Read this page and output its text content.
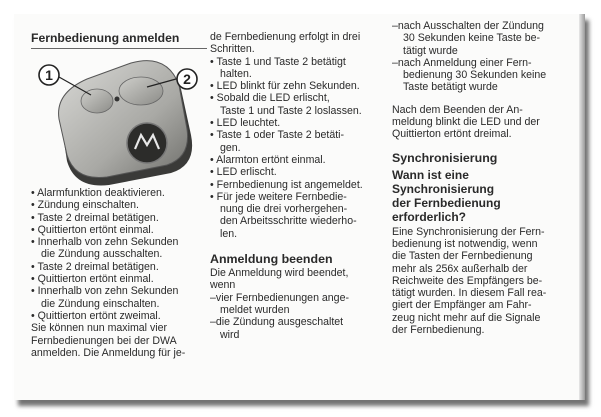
Fernbedienung anmelden
1	2
• Alarmfunktion deaktivieren.
• Zündung einschalten.
• Taste 2 dreimal betätigen.
• Quittierton ertönt einmal.
• Innerhalb von zehn Sekunden
die Zündung ausschalten.
• Taste 2 dreimal betätigen.
• Quittierton ertönt einmal.
• Innerhalb von zehn Sekunden
die Zündung einschalten.
• Quittierton ertönt zweimal.
Sie können nun maximal vier
Fernbedienungen bei der DWA
anmelden. Die Anmeldung für je-
de Fernbedienung erfolgt in drei
Schritten.
• Taste 1 und Taste 2 betätigt
halten.
• LED blinkt für zehn Sekunden.
• Sobald die LED erlischt,
Taste 1 und Taste 2 loslassen.
• LED leuchtet.
• Taste 1 oder Taste 2 betäti-
gen.
• Alarmton ertönt einmal.
• LED erlischt.
• Fernbedienung ist angemeldet.
• Für jede weitere Fernbedie-
nung die drei vorhergehen-
den Arbeitsschritte wiederho-
len.
Anmeldung beenden
Die Anmeldung wird beendet,
wenn
–vier Fernbedienungen ange-
meldet wurden
–die Zündung ausgeschaltet
wird
–nach Ausschalten der Zündung
30 Sekunden keine Taste be-
tätigt wurde
–nach Anmeldung einer Fern-
bedienung 30 Sekunden keine
Taste betätigt wurde
Nach dem Beenden der An-
meldung blinkt die LED und der
Quittierton ertönt dreimal.
Synchronisierung
Wann ist eine
Synchronisierung
der Fernbedienung
erforderlich?
Eine Synchronisierung der Fern-
bedienung ist notwendig, wenn
die Tasten der Fernbedienung
mehr als 256x außerhalb der
Reichweite des Empfängers be-
tätigt wurden. In diesem Fall rea-
giert der Empfänger am Fahr-
zeug nicht mehr auf die Signale
der Fernbedienung.
